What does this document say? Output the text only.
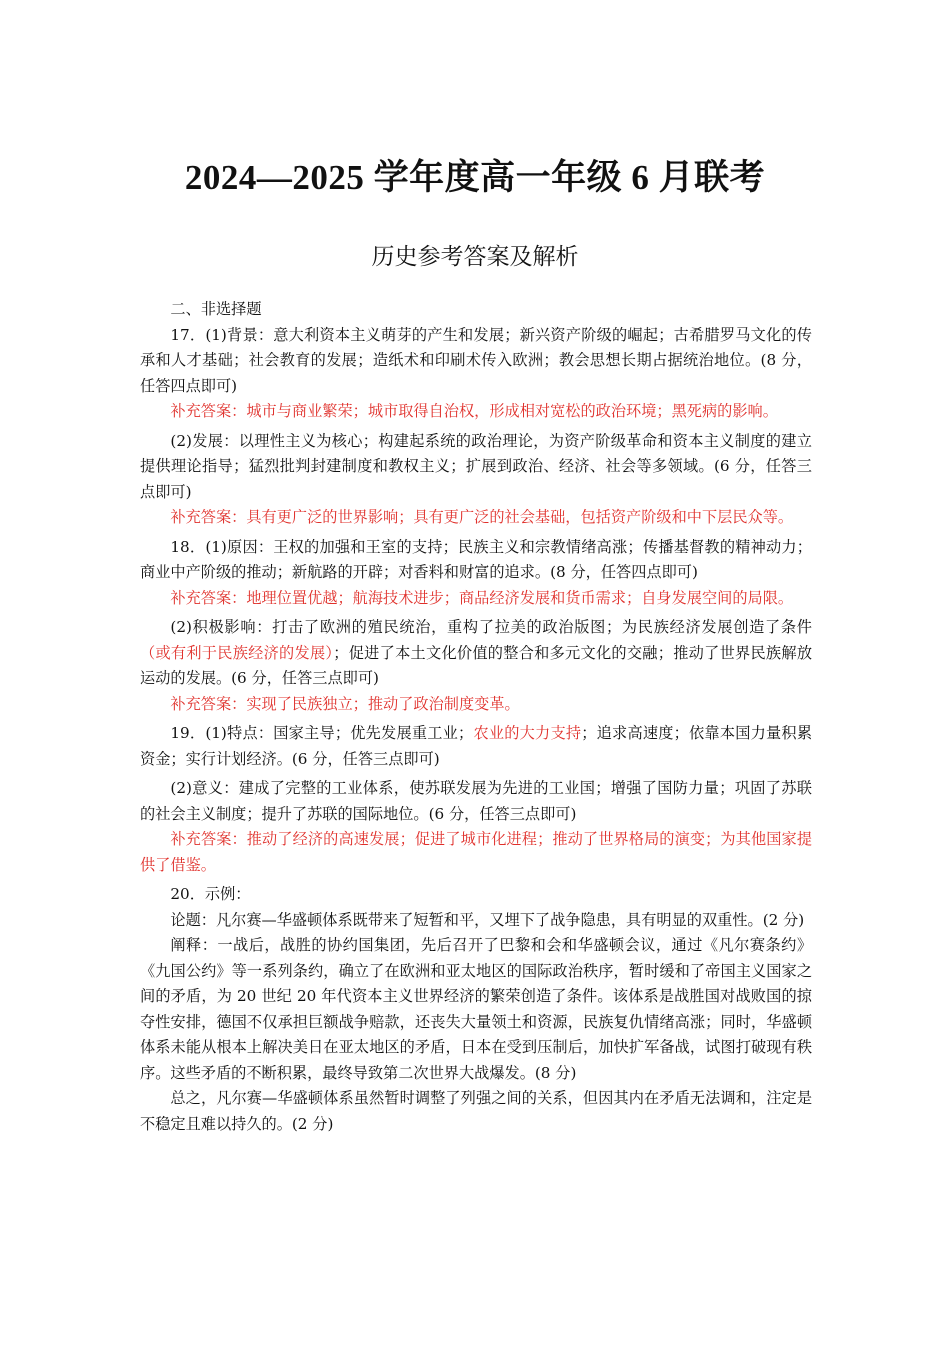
2024—2025 学年度高一年级 6 月联考
历史参考答案及解析

二、非选择题

17．(1)背景：意大利资本主义萌芽的产生和发展；新兴资产阶级的崛起；古希腊罗马文化的传承和人才基础；社会教育的发展；造纸术和印刷术传入欧洲；教会思想长期占据统治地位。(8 分，任答四点即可)

补充答案：城市与商业繁荣；城市取得自治权，形成相对宽松的政治环境；黑死病的影响。

(2)发展：以理性主义为核心；构建起系统的政治理论，为资产阶级革命和资本主义制度的建立提供理论指导；猛烈批判封建制度和教权主义；扩展到政治、经济、社会等多领域。(6 分，任答三点即可)

补充答案：具有更广泛的世界影响；具有更广泛的社会基础，包括资产阶级和中下层民众等。

18．(1)原因：王权的加强和王室的支持；民族主义和宗教情绪高涨；传播基督教的精神动力；商业中产阶级的推动；新航路的开辟；对香料和财富的追求。(8 分，任答四点即可)

补充答案：地理位置优越；航海技术进步；商品经济发展和货币需求；自身发展空间的局限。

(2)积极影响：打击了欧洲的殖民统治，重构了拉美的政治版图；为民族经济发展创造了条件（或有利于民族经济的发展）；促进了本土文化价值的整合和多元文化的交融；推动了世界民族解放运动的发展。(6 分，任答三点即可)

补充答案：实现了民族独立；推动了政治制度变革。

19．(1)特点：国家主导；优先发展重工业；农业的大力支持；追求高速度；依靠本国力量积累资金；实行计划经济。(6 分，任答三点即可)

(2)意义：建成了完整的工业体系，使苏联发展为先进的工业国；增强了国防力量；巩固了苏联的社会主义制度；提升了苏联的国际地位。(6 分，任答三点即可)

补充答案：推动了经济的高速发展；促进了城市化进程；推动了世界格局的演变；为其他国家提供了借鉴。

20．示例：

论题：凡尔赛—华盛顿体系既带来了短暂和平，又埋下了战争隐患，具有明显的双重性。(2 分)

阐释：一战后，战胜的协约国集团，先后召开了巴黎和会和华盛顿会议，通过《凡尔赛条约》《九国公约》等一系列条约，确立了在欧洲和亚太地区的国际政治秩序，暂时缓和了帝国主义国家之间的矛盾，为 20 世纪 20 年代资本主义世界经济的繁荣创造了条件。该体系是战胜国对战败国的掠夺性安排，德国不仅承担巨额战争赔款，还丧失大量领土和资源，民族复仇情绪高涨；同时，华盛顿体系未能从根本上解决美日在亚太地区的矛盾，日本在受到压制后，加快扩军备战，试图打破现有秩序。这些矛盾的不断积累，最终导致第二次世界大战爆发。(8 分)

总之，凡尔赛—华盛顿体系虽然暂时调整了列强之间的关系，但因其内在矛盾无法调和，注定是不稳定且难以持久的。(2 分)
